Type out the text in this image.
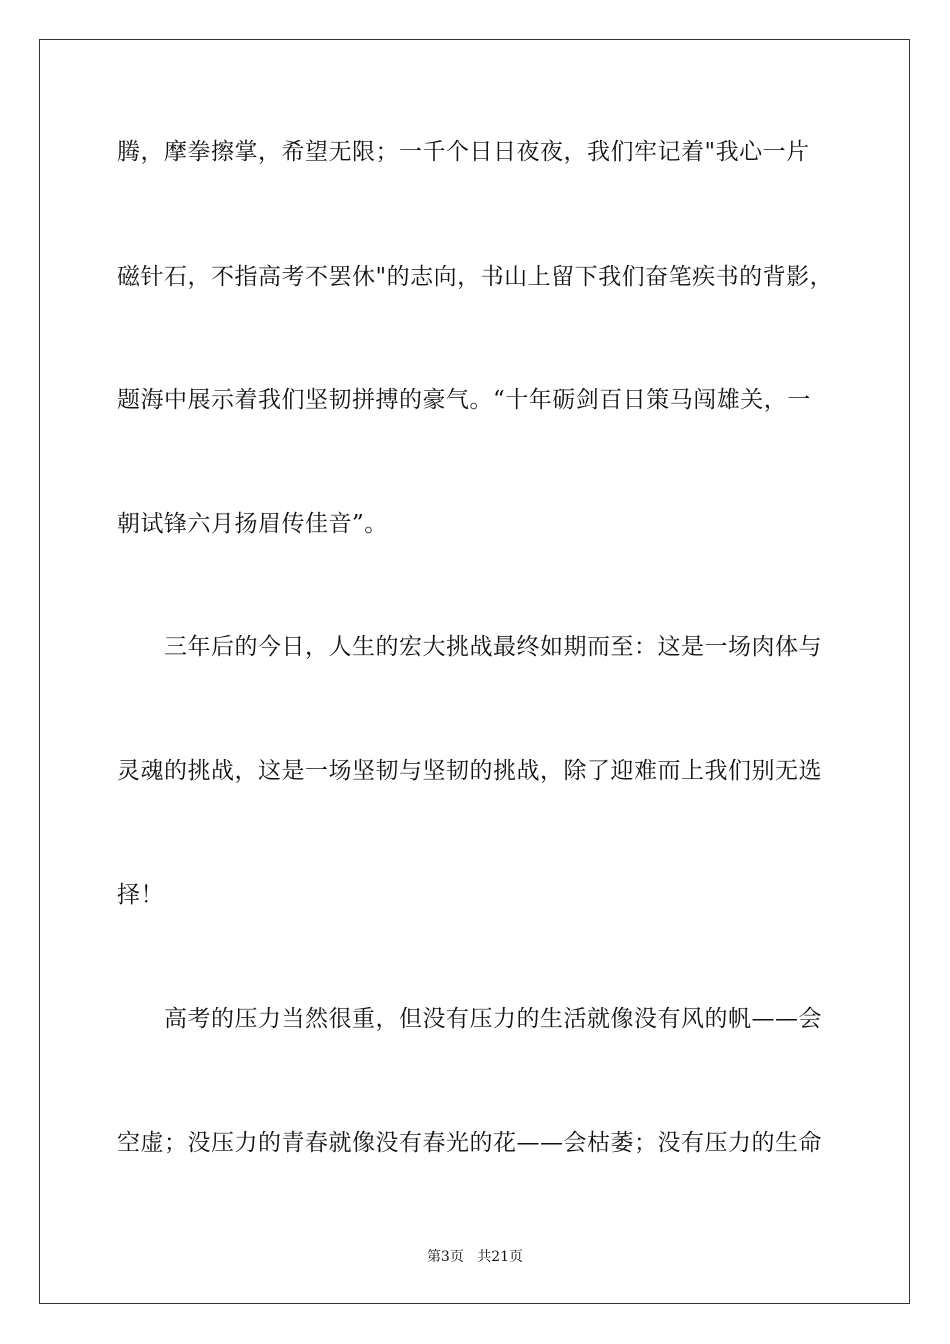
腾，摩拳擦掌，希望无限；一千个日日夜夜，我们牢记着"我心一片
磁针石，不指高考不罢休"的志向，书山上留下我们奋笔疾书的背影，
题海中展示着我们坚韧拼搏的豪气。“十年砺剑百日策马闯雄关，一
朝试锋六月扬眉传佳音”。
三年后的今日，人生的宏大挑战最终如期而至：这是一场肉体与
灵魂的挑战，这是一场坚韧与坚韧的挑战，除了迎难而上我们别无选
择！
高考的压力当然很重，但没有压力的生活就像没有风的帆——会
空虚；没压力的青春就像没有春光的花——会枯萎；没有压力的生命
第3页 共21页
